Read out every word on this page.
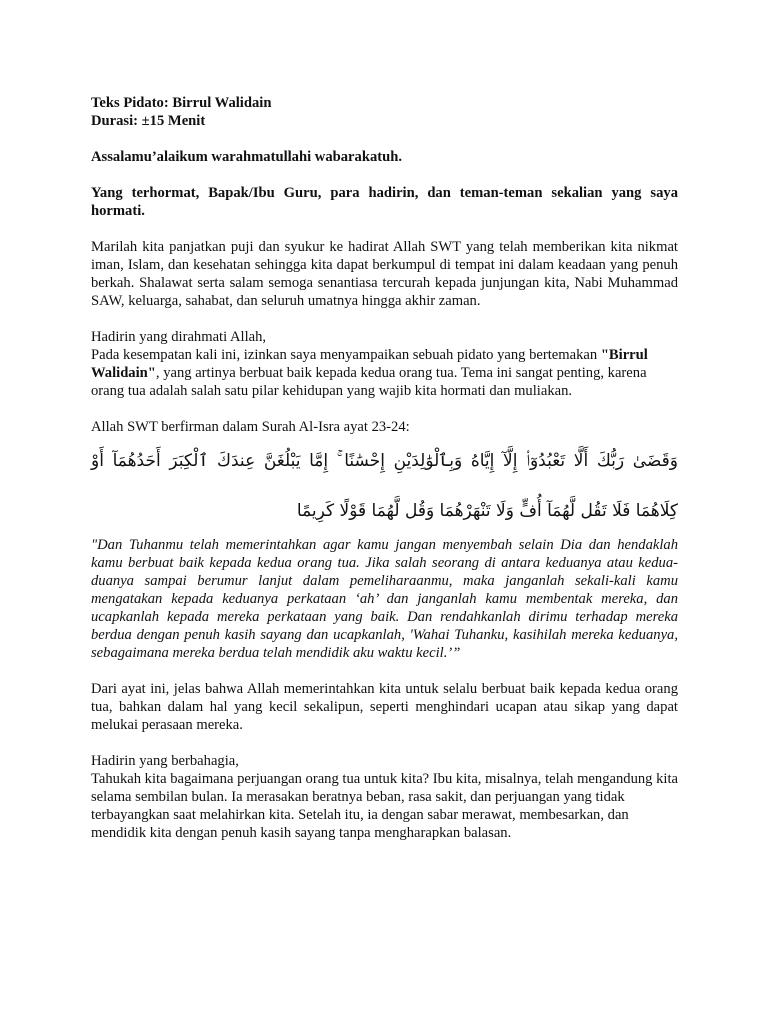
Teks Pidato: Birrul Walidain

Durasi: ±15 Menit

Assalamu’alaikum warahmatullahi wabarakatuh.

Yang terhormat, Bapak/Ibu Guru, para hadirin, dan teman-teman sekalian yang saya hormati.

Marilah kita panjatkan puji dan syukur ke hadirat Allah SWT yang telah memberikan kita nikmat iman, Islam, dan kesehatan sehingga kita dapat berkumpul di tempat ini dalam keadaan yang penuh berkah. Shalawat serta salam semoga senantiasa tercurah kepada junjungan kita, Nabi Muhammad SAW, keluarga, sahabat, dan seluruh umatnya hingga akhir zaman.

Hadirin yang dirahmati Allah,

Pada kesempatan kali ini, izinkan saya menyampaikan sebuah pidato yang bertemakan "Birrul Walidain", yang artinya berbuat baik kepada kedua orang tua. Tema ini sangat penting, karena orang tua adalah salah satu pilar kehidupan yang wajib kita hormati dan muliakan.

Allah SWT berfirman dalam Surah Al-Isra ayat 23-24:

وَقَضَىٰ رَبُّكَ أَلَّا تَعْبُدُوٓا۟ إِلَّآ إِيَّاهُ وَبِٱلْوَٰلِدَيْنِ إِحْسَٰنًا ۚ إِمَّا يَبْلُغَنَّ عِندَكَ ٱلْكِبَرَ أَحَدُهُمَآ أَوْ كِلَاهُمَا فَلَا تَقُل لَّهُمَآ أُفٍّ وَلَا تَنْهَرْهُمَا وَقُل لَّهُمَا قَوْلًا كَرِيمًا

"Dan Tuhanmu telah memerintahkan agar kamu jangan menyembah selain Dia dan hendaklah kamu berbuat baik kepada kedua orang tua. Jika salah seorang di antara keduanya atau kedua-duanya sampai berumur lanjut dalam pemeliharaanmu, maka janganlah sekali-kali kamu mengatakan kepada keduanya perkataan ‘ah’ dan janganlah kamu membentak mereka, dan ucapkanlah kepada mereka perkataan yang baik. Dan rendahkanlah dirimu terhadap mereka berdua dengan penuh kasih sayang dan ucapkanlah, 'Wahai Tuhanku, kasihilah mereka keduanya, sebagaimana mereka berdua telah mendidik aku waktu kecil.’”

Dari ayat ini, jelas bahwa Allah memerintahkan kita untuk selalu berbuat baik kepada kedua orang tua, bahkan dalam hal yang kecil sekalipun, seperti menghindari ucapan atau sikap yang dapat melukai perasaan mereka.

Hadirin yang berbahagia,

Tahukah kita bagaimana perjuangan orang tua untuk kita? Ibu kita, misalnya, telah mengandung kita selama sembilan bulan. Ia merasakan beratnya beban, rasa sakit, dan perjuangan yang tidak terbayangkan saat melahirkan kita. Setelah itu, ia dengan sabar merawat, membesarkan, dan mendidik kita dengan penuh kasih sayang tanpa mengharapkan balasan.
